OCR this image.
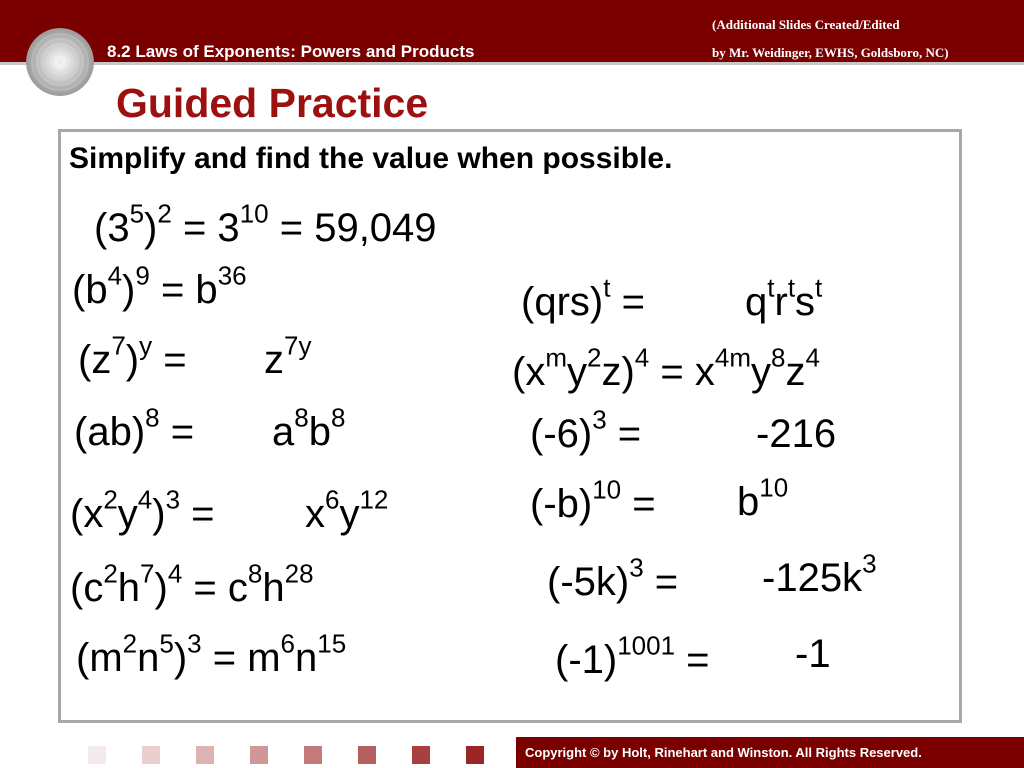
8.2 Laws of Exponents: Powers and Products
(Additional Slides Created/Edited
by Mr. Weidinger, EWHS, Goldsboro, NC)
Guided Practice
Simplify and find the value when possible.
$(3^5)^2 = 3^{10} = 59,049$
$(b^4)^9 = b^{36}$
$(z^7)^y = z^{7y}$
$(ab)^8 = a^8b^8$
$(x^2y^4)^3 = x^6y^{12}$
$(c^2h^7)^4 = c^8h^{28}$
$(m^2n^5)^3 = m^6n^{15}$
(qrs)$^t$ =	$q^tr^ts^t$
$(x^my^2z)^4 = x^{4m}y^8z^4$
$(-6)^3$ =	-216
$(-b)^{10} = b^{10}$
$(-5k)^3 = -125k^3$
$(-1)^{1001} = -1$
Copyright © by Holt, Rinehart and Winston. All Rights Reserved.
